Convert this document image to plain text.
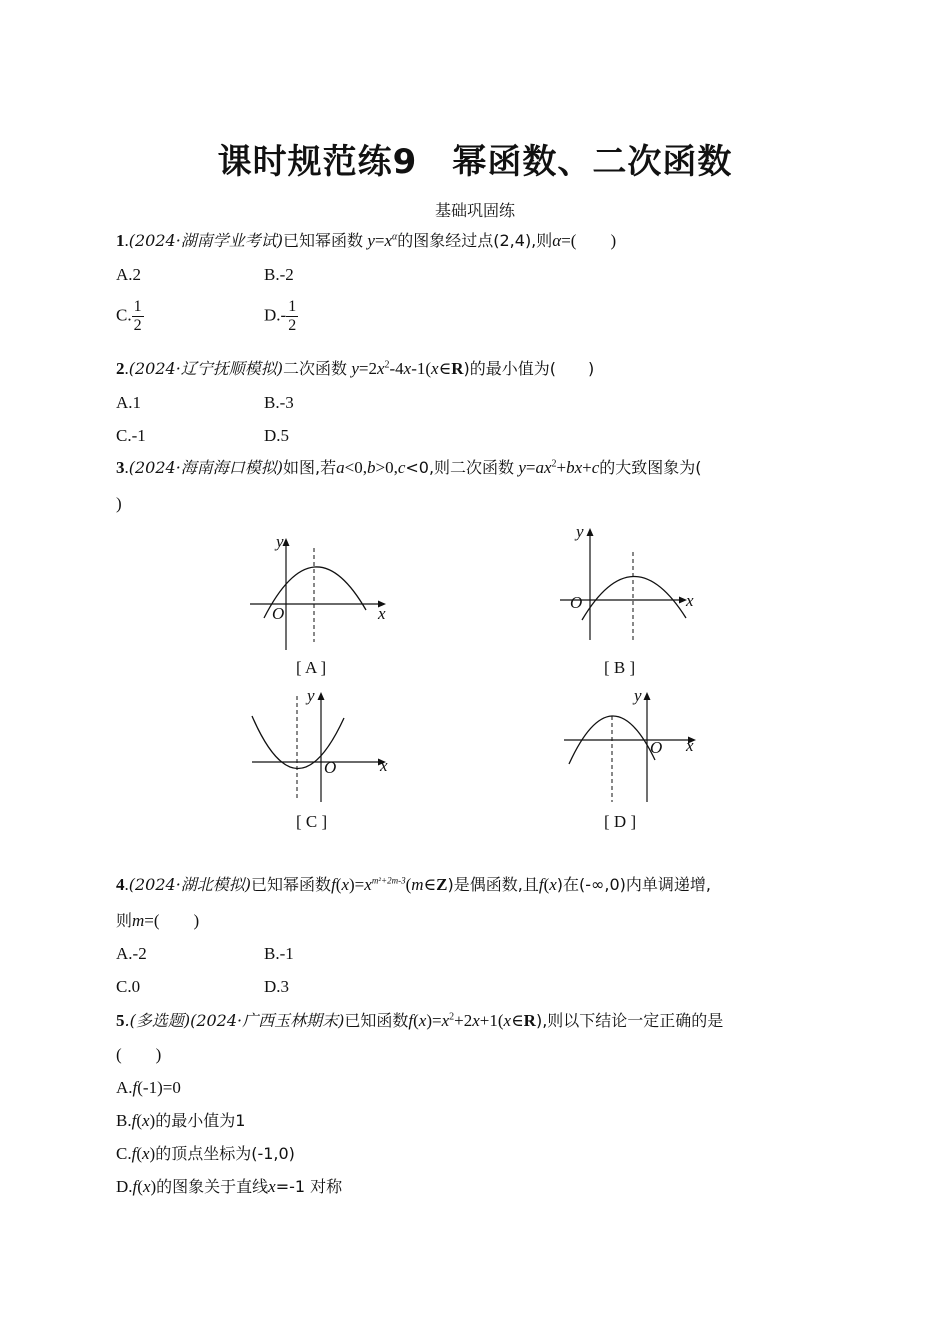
课时规范练9　幂函数、二次函数
基础巩固练
1.(2024·湖南学业考试)已知幂函数 $y=x^\alpha$的图象经过点(2,4),则α=(　　)
A.2	B.-2
C. $\frac{1}{2}$	$D.- \frac{1}{2}$
2.(2024·辽宁抚顺模拟)二次函数 $y=2x^2-4x-1(x\in R)$的最小值为(　　)
A.1	B.-3
C.-1	D.5
3.(2024·海南海口模拟)如图,若a<0,b>0,c<0,则二次函数 $y=ax^2+bx+c$的大致图象为(
)
y
O	x
[ A ]
y
O	x
[ B ]
y
O	x
[ C ]
y
O x
[ D ]
4.(2024·湖北模拟)已知幂函数$f(x)=x^{m^2+2m-3}(m\in Z)$是偶函数,且f(x)在(-∞,0)内单调递增,
则m=(　　)
A.-2	B.-1
C.0	D.3
5.(多选题)(2024·广西玉林期末)已知函数$f(x)=x^2+2x+1(x\in R)$,则以下结论一定正确的是
(　　)
A.f(-1)=0
B.f(x)的最小值为1
C.f(x)的顶点坐标为(-1,0)
D.f(x)的图象关于直线x=-1 对称
